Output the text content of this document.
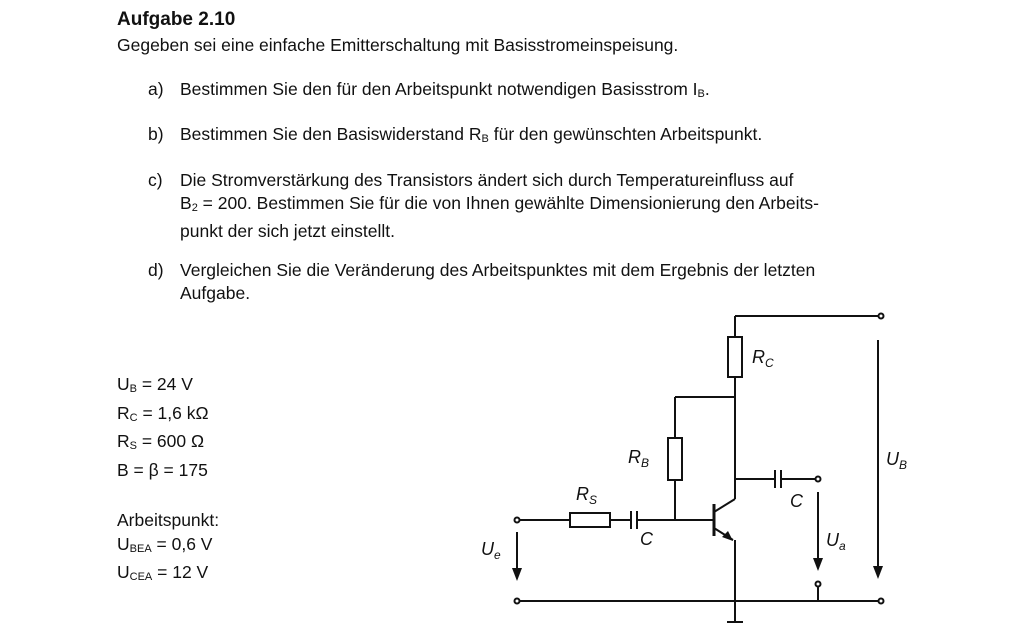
Aufgabe 2.10
Gegeben sei eine einfache Emitterschaltung mit Basisstromeinspeisung.
a) Bestimmen Sie den für den Arbeitspunkt notwendigen Basisstrom IB.
b) Bestimmen Sie den Basiswiderstand RB für den gewünschten Arbeitspunkt.
c) Die Stromverstärkung des Transistors ändert sich durch Temperatureinfluss auf
B2 = 200. Bestimmen Sie für die von Ihnen gewählte Dimensionierung den Arbeits-
punkt der sich jetzt einstellt.
d) Vergleichen Sie die Veränderung des Arbeitspunktes mit dem Ergebnis der letzten
Aufgabe.
UB = 24 V
RC = 1,6 kΩ
RS = 600 Ω
B = β = 175
Arbeitspunkt:
UBEA = 0,6 V
UCEA = 12 V
$R_C$
$R_B$
$R_S$
C
C
$U_B$
$U_e$
$U_a$
